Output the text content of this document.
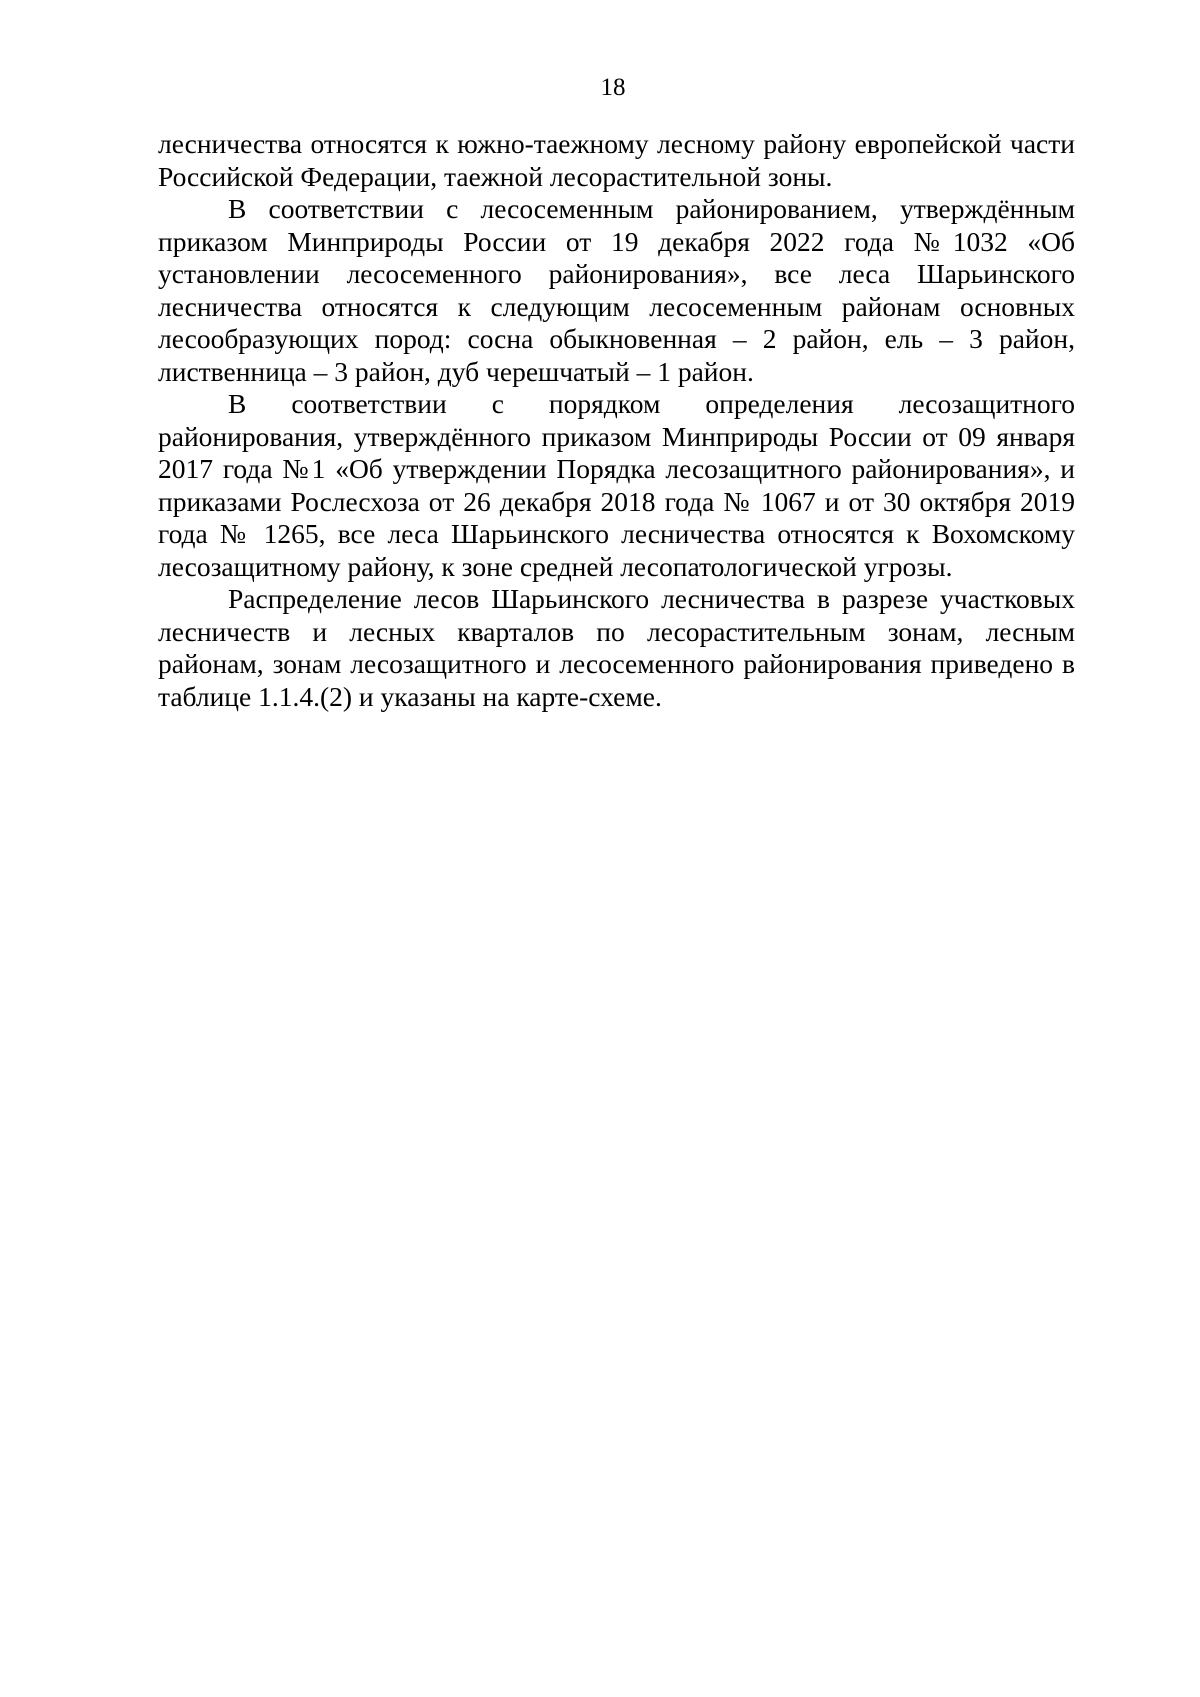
18

лесничества относятся к южно-таежному лесному району европейской части Российской Федерации, таежной лесорастительной зоны.

В соответствии с лесосеменным районированием, утверждённым приказом Минприроды России от 19 декабря 2022 года №1032 «Об установлении лесосеменного районирования», все леса Шарьинского лесничества относятся к следующим лесосеменным районам основных лесообразующих пород: сосна обыкновенная – 2 район, ель – 3 район, лиственница – 3 район, дуб черешчатый – 1 район.

В соответствии с порядком определения лесозащитного районирования, утверждённого приказом Минприроды России от 09 января 2017 года №1 «Об утверждении Порядка лесозащитного районирования», и приказами Рослесхоза от 26 декабря 2018 года № 1067 и от 30 октября 2019 года № 1265, все леса Шарьинского лесничества относятся к Вохомскому лесозащитному району, к зоне средней лесопатологической угрозы.

Распределение лесов Шарьинского лесничества в разрезе участковых лесничеств и лесных кварталов по лесорастительным зонам, лесным районам, зонам лесозащитного и лесосеменного районирования приведено в таблице 1.1.4.(2) и указаны на карте-схеме.
